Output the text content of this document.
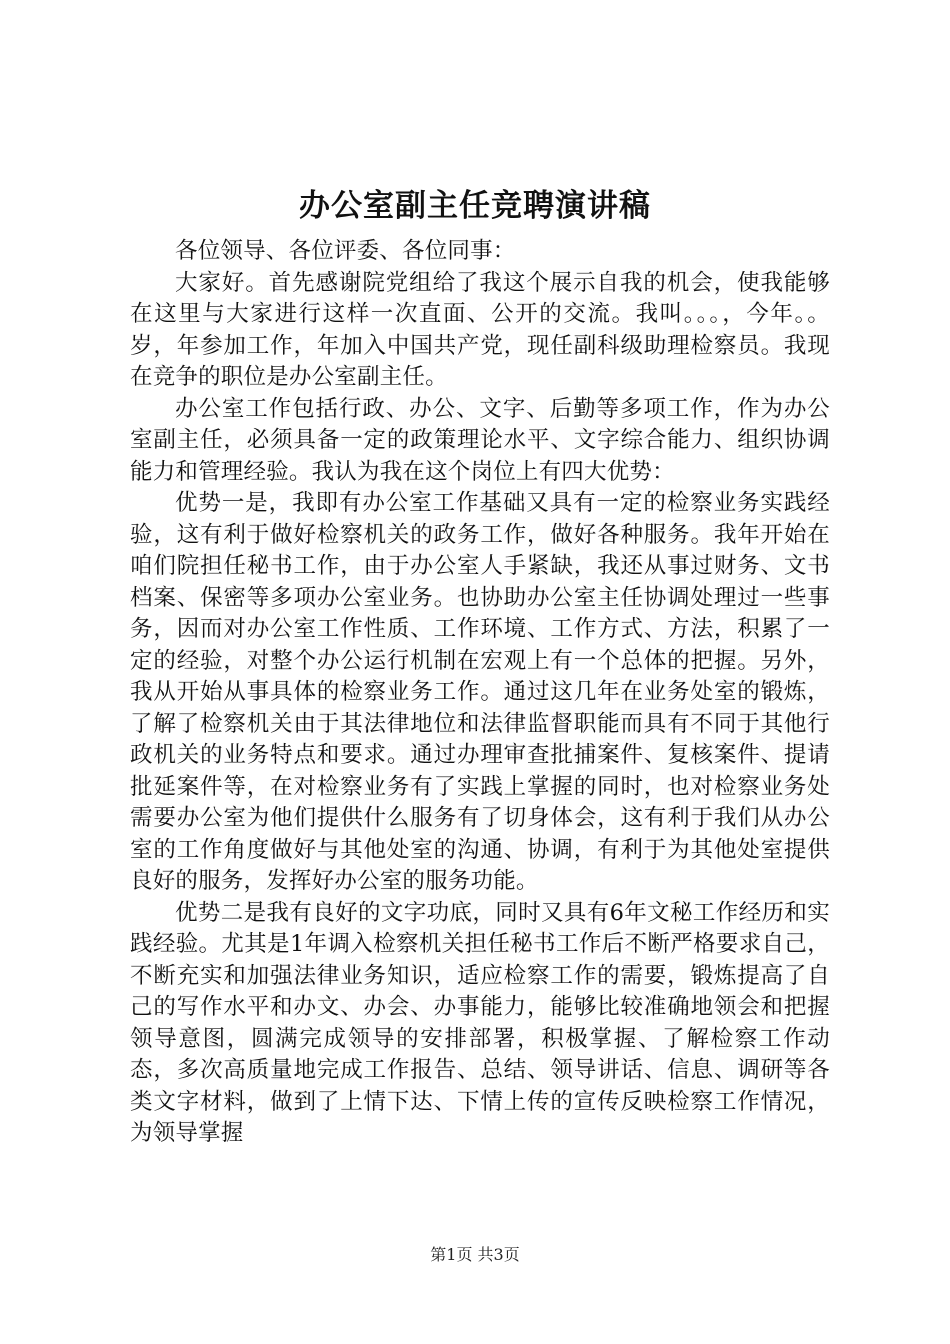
办公室副主任竞聘演讲稿

各位领导、各位评委、各位同事：

大家好。首先感谢院党组给了我这个展示自我的机会，使我能够在这里与大家进行这样一次直面、公开的交流。我叫。。。，今年。。岁，年参加工作，年加入中国共产党，现任副科级助理检察员。我现在竞争的职位是办公室副主任。

办公室工作包括行政、办公、文字、后勤等多项工作，作为办公室副主任，必须具备一定的政策理论水平、文字综合能力、组织协调能力和管理经验。我认为我在这个岗位上有四大优势：

优势一是，我即有办公室工作基础又具有一定的检察业务实践经验，这有利于做好检察机关的政务工作，做好各种服务。我年开始在咱们院担任秘书工作，由于办公室人手紧缺，我还从事过财务、文书档案、保密等多项办公室业务。也协助办公室主任协调处理过一些事务，因而对办公室工作性质、工作环境、工作方式、方法，积累了一定的经验，对整个办公运行机制在宏观上有一个总体的把握。另外，我从开始从事具体的检察业务工作。通过这几年在业务处室的锻炼，了解了检察机关由于其法律地位和法律监督职能而具有不同于其他行政机关的业务特点和要求。通过办理审查批捕案件、复核案件、提请批延案件等，在对检察业务有了实践上掌握的同时，也对检察业务处需要办公室为他们提供什么服务有了切身体会，这有利于我们从办公室的工作角度做好与其他处室的沟通、协调，有利于为其他处室提供良好的服务，发挥好办公室的服务功能。

优势二是我有良好的文字功底，同时又具有6年文秘工作经历和实践经验。尤其是1年调入检察机关担任秘书工作后不断严格要求自己，不断充实和加强法律业务知识，适应检察工作的需要，锻炼提高了自己的写作水平和办文、办会、办事能力，能够比较准确地领会和把握领导意图，圆满完成领导的安排部署，积极掌握、了解检察工作动态，多次高质量地完成工作报告、总结、领导讲话、信息、调研等各类文字材料，做到了上情下达、下情上传的宣传反映检察工作情况，为领导掌握

第1页 共3页
